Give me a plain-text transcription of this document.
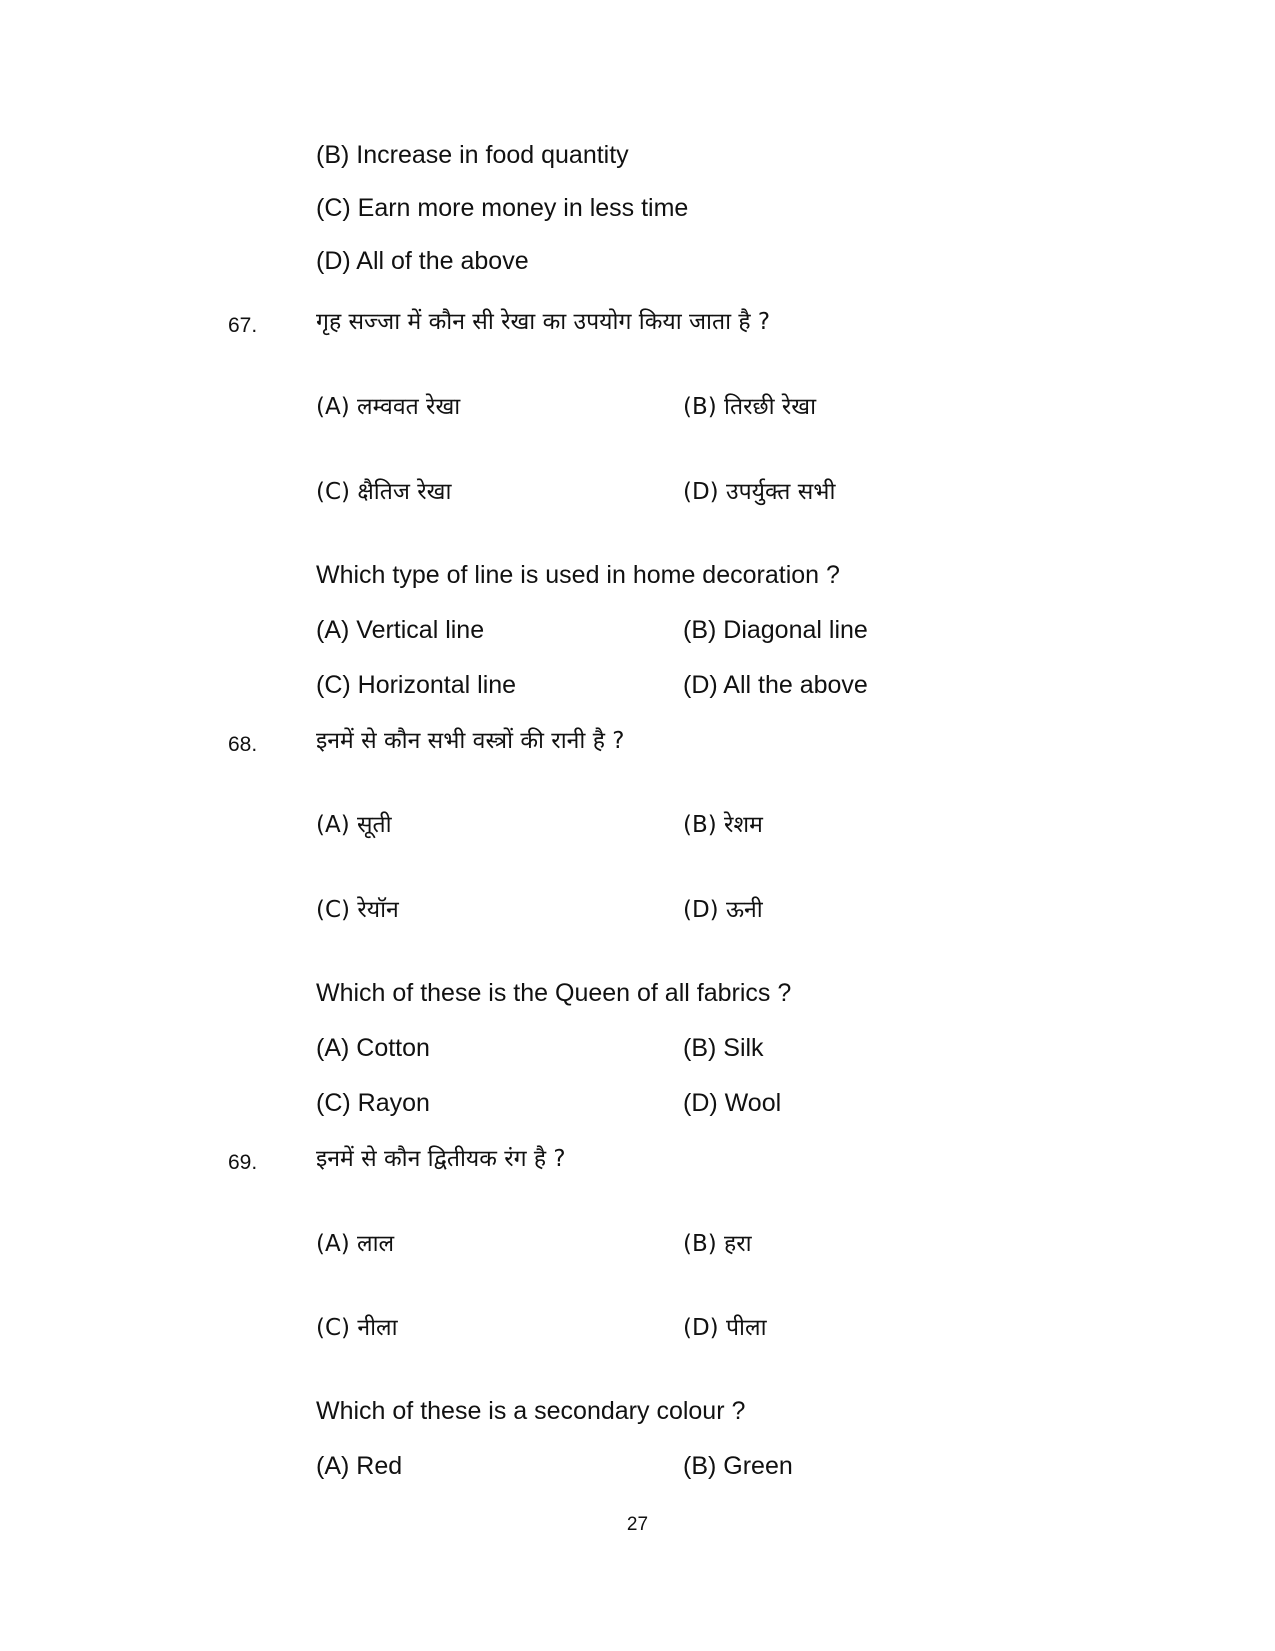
(B) Increase in food quantity
(C) Earn more money in less time
(D) All of the above
67.	गृह सज्जा में कौन सी रेखा का उपयोग किया जाता है ?
(A) लम्ववत रेखा	(B) तिरछी रेखा
(C) क्षैतिज रेखा	(D) उपर्युक्त सभी
Which type of line is used in home decoration ?
(A) Vertical line	(B) Diagonal line
(C) Horizontal line	(D) All the above
68.	इनमें से कौन सभी वस्त्रों की रानी है ?
(A) सूती	(B) रेशम
(C) रेयॉन	(D) ऊनी
Which of these is the Queen of all fabrics ?
(A) Cotton	(B) Silk
(C) Rayon	(D) Wool
69.	इनमें से कौन द्वितीयक रंग है ?
(A) लाल	(B) हरा
(C) नीला	(D) पीला
Which of these is a secondary colour ?
(A) Red	(B) Green
27
